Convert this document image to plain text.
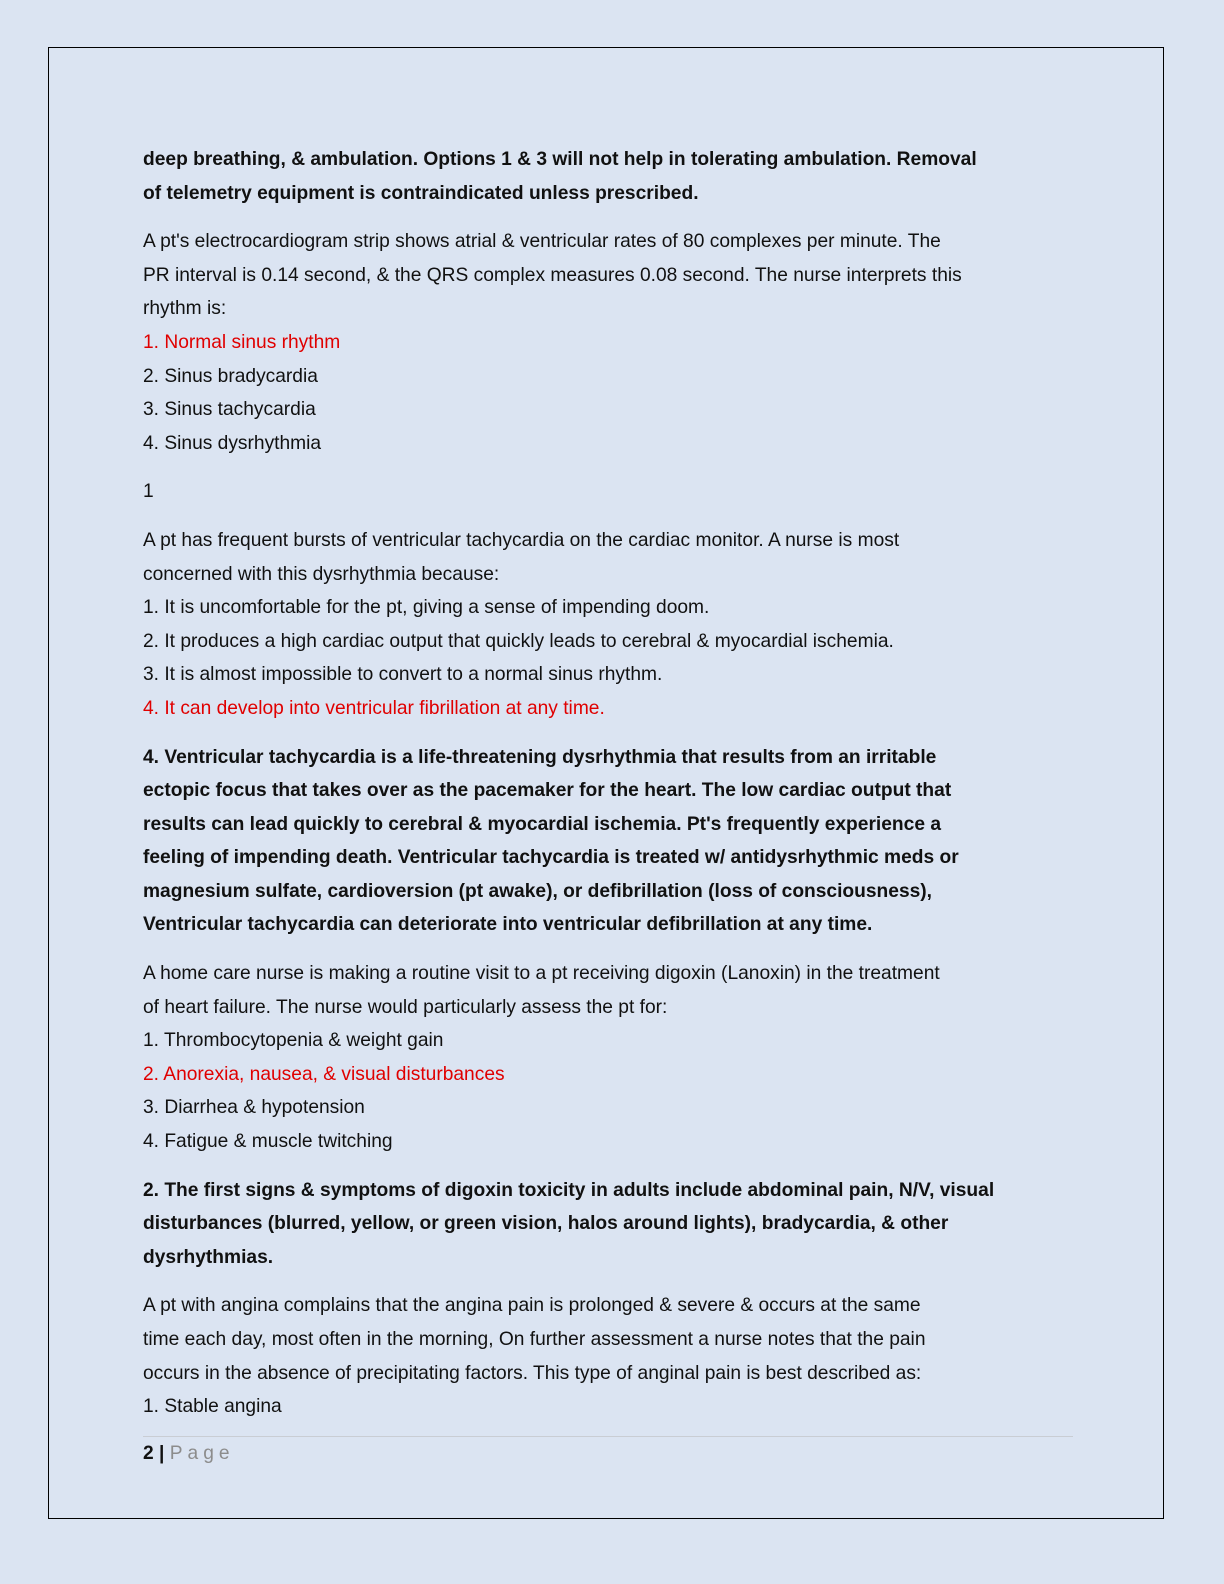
deep breathing, & ambulation. Options 1 & 3 will not help in tolerating ambulation. Removal
of telemetry equipment is contraindicated unless prescribed.

A pt's electrocardiogram strip shows atrial & ventricular rates of 80 complexes per minute. The
PR interval is 0.14 second, & the QRS complex measures 0.08 second. The nurse interprets this
rhythm is:
1. Normal sinus rhythm
2. Sinus bradycardia
3. Sinus tachycardia
4. Sinus dysrhythmia

1

A pt has frequent bursts of ventricular tachycardia on the cardiac monitor. A nurse is most
concerned with this dysrhythmia because:
1. It is uncomfortable for the pt, giving a sense of impending doom.
2. It produces a high cardiac output that quickly leads to cerebral & myocardial ischemia.
3. It is almost impossible to convert to a normal sinus rhythm.
4. It can develop into ventricular fibrillation at any time.

4. Ventricular tachycardia is a life-threatening dysrhythmia that results from an irritable
ectopic focus that takes over as the pacemaker for the heart. The low cardiac output that
results can lead quickly to cerebral & myocardial ischemia. Pt's frequently experience a
feeling of impending death. Ventricular tachycardia is treated w/ antidysrhythmic meds or
magnesium sulfate, cardioversion (pt awake), or defibrillation (loss of consciousness),
Ventricular tachycardia can deteriorate into ventricular defibrillation at any time.

A home care nurse is making a routine visit to a pt receiving digoxin (Lanoxin) in the treatment
of heart failure. The nurse would particularly assess the pt for:
1. Thrombocytopenia & weight gain
2. Anorexia, nausea, & visual disturbances
3. Diarrhea & hypotension
4. Fatigue & muscle twitching

2. The first signs & symptoms of digoxin toxicity in adults include abdominal pain, N/V, visual
disturbances (blurred, yellow, or green vision, halos around lights), bradycardia, & other
dysrhythmias.

A pt with angina complains that the angina pain is prolonged & severe & occurs at the same
time each day, most often in the morning, On further assessment a nurse notes that the pain
occurs in the absence of precipitating factors. This type of anginal pain is best described as:
1. Stable angina

2 | Page
